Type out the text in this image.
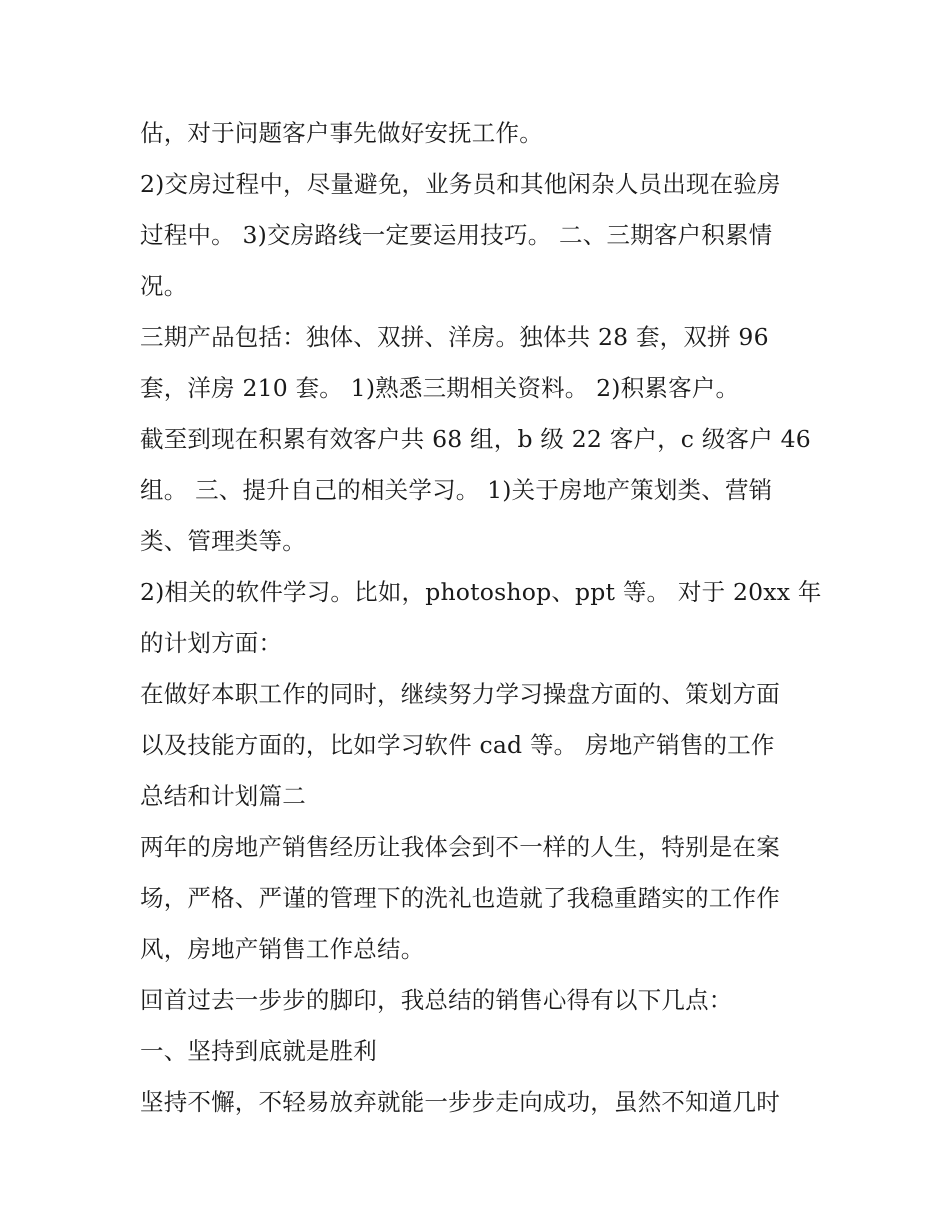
估，对于问题客户事先做好安抚工作。
2)交房过程中，尽量避免，业务员和其他闲杂人员出现在验房
过程中。 3)交房路线一定要运用技巧。 二、三期客户积累情
况。
三期产品包括：独体、双拼、洋房。独体共 28 套，双拼 96
套，洋房 210 套。 1)熟悉三期相关资料。 2)积累客户。
截至到现在积累有效客户共 68 组，b 级 22 客户，c 级客户 46
组。 三、提升自己的相关学习。 1)关于房地产策划类、营销
类、管理类等。
2)相关的软件学习。比如，photoshop、ppt 等。 对于 20xx 年
的计划方面：
在做好本职工作的同时，继续努力学习操盘方面的、策划方面
以及技能方面的，比如学习软件 cad 等。 房地产销售的工作
总结和计划篇二
两年的房地产销售经历让我体会到不一样的人生，特别是在案
场，严格、严谨的管理下的洗礼也造就了我稳重踏实的工作作
风，房地产销售工作总结。
回首过去一步步的脚印，我总结的销售心得有以下几点：
一、坚持到底就是胜利
坚持不懈，不轻易放弃就能一步步走向成功，虽然不知道几时
